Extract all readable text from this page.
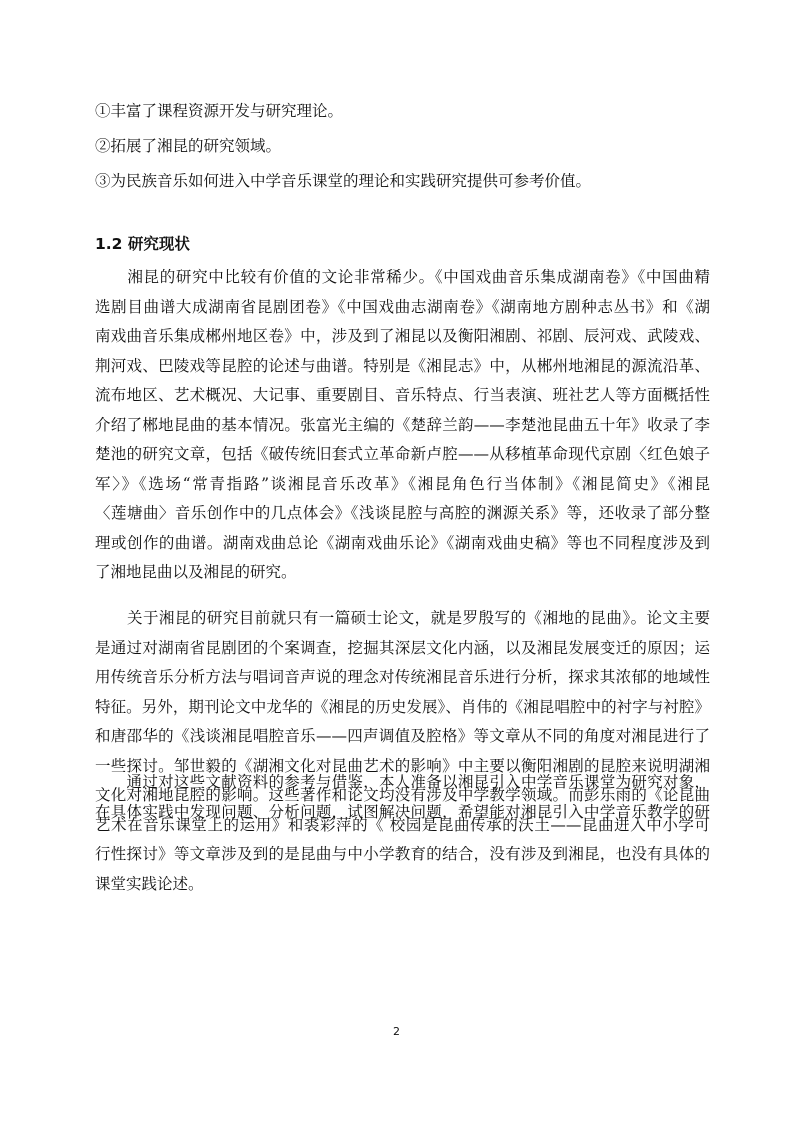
①丰富了课程资源开发与研究理论。
②拓展了湘昆的研究领域。
③为民族音乐如何进入中学音乐课堂的理论和实践研究提供可参考价值。
1.2 研究现状
　　湘昆的研究中比较有价值的文论非常稀少。《中国戏曲音乐集成湖南卷》《中国曲精
选剧目曲谱大成湖南省昆剧团卷》《中国戏曲志湖南卷》《湖南地方剧种志丛书》和《湖
南戏曲音乐集成郴州地区卷》中，涉及到了湘昆以及衡阳湘剧、祁剧、辰河戏、武陵戏、
荆河戏、巴陵戏等昆腔的论述与曲谱。特别是《湘昆志》中，从郴州地湘昆的源流沿革、
流布地区、艺术概况、大记事、重要剧目、音乐特点、行当表演、班社艺人等方面概括性
介绍了郴地昆曲的基本情况。张富光主编的《楚辞兰韵——李楚池昆曲五十年》收录了李
楚池的研究文章，包括《破传统旧套式立革命新卢腔——从移植革命现代京剧〈红色娘子
军〉》《选场“常青指路”谈湘昆音乐改革》《湘昆角色行当体制》《湘昆简史》《湘昆
〈莲塘曲〉音乐创作中的几点体会》《浅谈昆腔与高腔的渊源关系》等，还收录了部分整
理或创作的曲谱。湖南戏曲总论《湖南戏曲乐论》《湖南戏曲史稿》等也不同程度涉及到
了湘地昆曲以及湘昆的研究。
　　关于湘昆的研究目前就只有一篇硕士论文，就是罗殷写的《湘地的昆曲》。论文主要
是通过对湖南省昆剧团的个案调查，挖掘其深层文化内涵，以及湘昆发展变迁的原因；运
用传统音乐分析方法与唱词音声说的理念对传统湘昆音乐进行分析，探求其浓郁的地域性
特征。另外，期刊论文中龙华的《湘昆的历史发展》、肖伟的《湘昆唱腔中的衬字与衬腔》
和唐邵华的《浅谈湘昆唱腔音乐——四声调值及腔格》等文章从不同的角度对湘昆进行了
一些探讨。邹世毅的《湖湘文化对昆曲艺术的影响》中主要以衡阳湘剧的昆腔来说明湖湘
文化对湘地昆腔的影响。这些著作和论文均没有涉及中学教学领域。而彭乐雨的《论昆曲
艺术在音乐课堂上的运用》和裘彩萍的《 校园是昆曲传承的沃土——昆曲进入中小学可
行性探讨》等文章涉及到的是昆曲与中小学教育的结合，没有涉及到湘昆，也没有具体的
课堂实践论述。
　　通过对这些文献资料的参考与借鉴，本人准备以湘昆引入中学音乐课堂为研究对象，
在具体实践中发现问题、分析问题，试图解决问题，希望能对湘昆引入中学音乐教学的研
2
